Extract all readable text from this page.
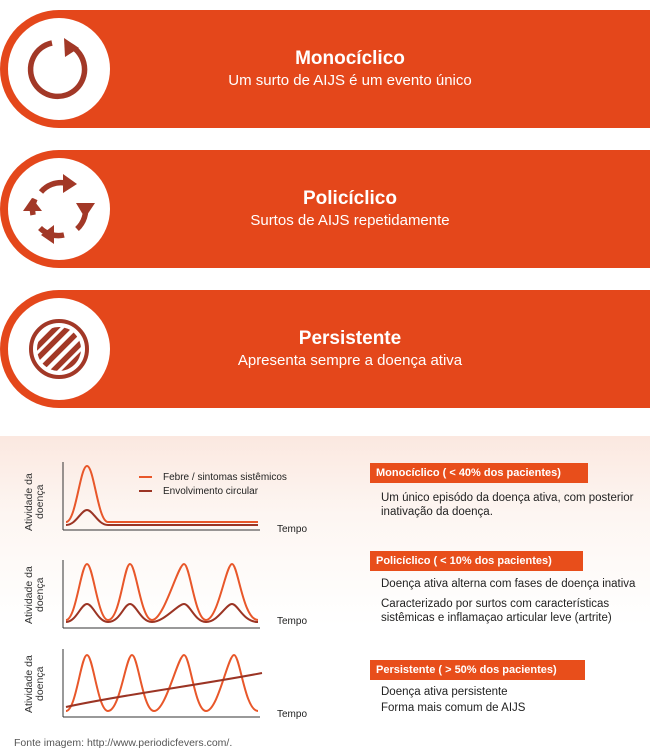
Monocíclico
Um surto de AIJS é um evento único
Policíclico
Surtos de AIJS repetidamente
Persistente
Apresenta sempre a doença ativa
Atividade da doença
Tempo
Febre / sintomas sistêmicos
Envolvimento circular
Atividade da doença
Tempo
Atividade da doença
Tempo
Monocíclico ( < 40% dos pacientes)

Um único episódo da doença ativa, com posterior inativação da doença.

Policíclico ( < 10% dos pacientes)

Doença ativa alterna com fases de doença inativa

Caracterizado por surtos com características sistêmicas e inflamaçao articular leve (artrite)

Persistente ( > 50% dos pacientes)

Doença ativa persistente

Forma mais comum de AIJS

Fonte imagem: http://www.periodicfevers.com/.
